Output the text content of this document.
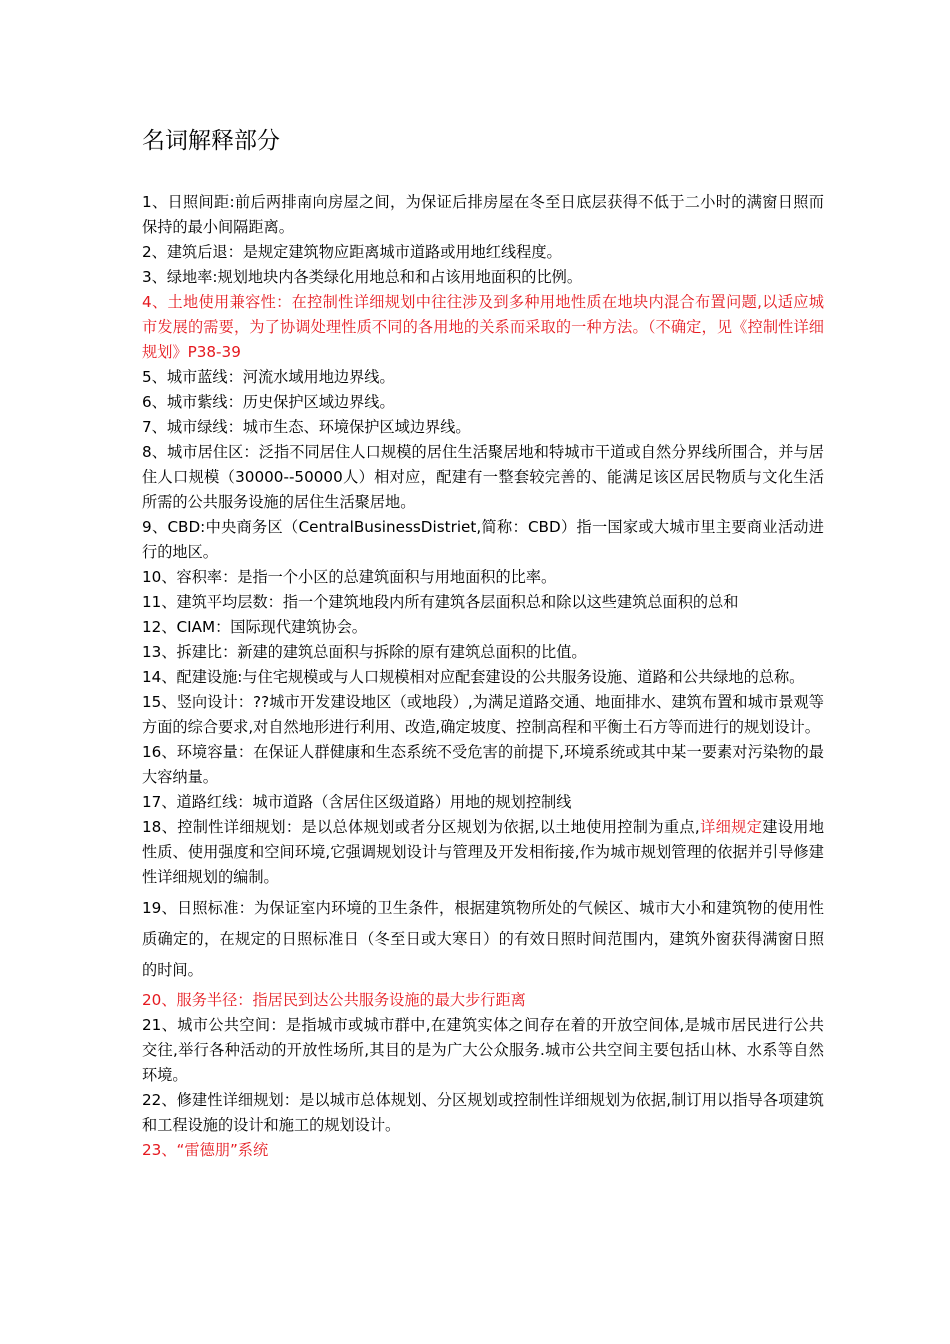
名词解释部分

1、日照间距:前后两排南向房屋之间，为保证后排房屋在冬至日底层获得不低于二小时的满窗日照而保持的最小间隔距离。

2、建筑后退：是规定建筑物应距离城市道路或用地红线程度。

3、绿地率:规划地块内各类绿化用地总和和占该用地面积的比例。

4、土地使用兼容性：在控制性详细规划中往往涉及到多种用地性质在地块内混合布置问题,以适应城市发展的需要，为了协调处理性质不同的各用地的关系而采取的一种方法。（不确定，见《控制性详细规划》P38-39

5、城市蓝线：河流水域用地边界线。

6、城市紫线：历史保护区域边界线。

7、城市绿线：城市生态、环境保护区域边界线。

8、城市居住区：泛指不同居住人口规模的居住生活聚居地和特城市干道或自然分界线所围合，并与居住人口规模（30000--50000人）相对应，配建有一整套较完善的、能满足该区居民物质与文化生活所需的公共服务设施的居住生活聚居地。

9、CBD:中央商务区（CentralBusinessDistriet,简称：CBD）指一国家或大城市里主要商业活动进行的地区。

10、容积率：是指一个小区的总建筑面积与用地面积的比率。

11、建筑平均层数：指一个建筑地段内所有建筑各层面积总和除以这些建筑总面积的总和

12、CIAM：国际现代建筑协会。

13、拆建比：新建的建筑总面积与拆除的原有建筑总面积的比值。

14、配建设施:与住宅规模或与人口规模相对应配套建设的公共服务设施、道路和公共绿地的总称。

15、竖向设计：??城市开发建设地区（或地段）,为满足道路交通、地面排水、建筑布置和城市景观等方面的综合要求,对自然地形进行利用、改造,确定坡度、控制高程和平衡土石方等而进行的规划设计。

16、环境容量：在保证人群健康和生态系统不受危害的前提下,环境系统或其中某一要素对污染物的最大容纳量。

17、道路红线：城市道路（含居住区级道路）用地的规划控制线

18、控制性详细规划：是以总体规划或者分区规划为依据,以土地使用控制为重点,详细规定建设用地性质、使用强度和空间环境,它强调规划设计与管理及开发相衔接,作为城市规划管理的依据并引导修建性详细规划的编制。

19、日照标准：为保证室内环境的卫生条件，根据建筑物所处的气候区、城市大小和建筑物的使用性质确定的，在规定的日照标准日（冬至日或大寒日）的有效日照时间范围内，建筑外窗获得满窗日照的时间。

20、服务半径：指居民到达公共服务设施的最大步行距离

21、城市公共空间：是指城市或城市群中,在建筑实体之间存在着的开放空间体,是城市居民进行公共交往,举行各种活动的开放性场所,其目的是为广大公众服务.城市公共空间主要包括山林、水系等自然环境。

22、修建性详细规划：是以城市总体规划、分区规划或控制性详细规划为依据,制订用以指导各项建筑和工程设施的设计和施工的规划设计。

23、“雷德朋”系统
